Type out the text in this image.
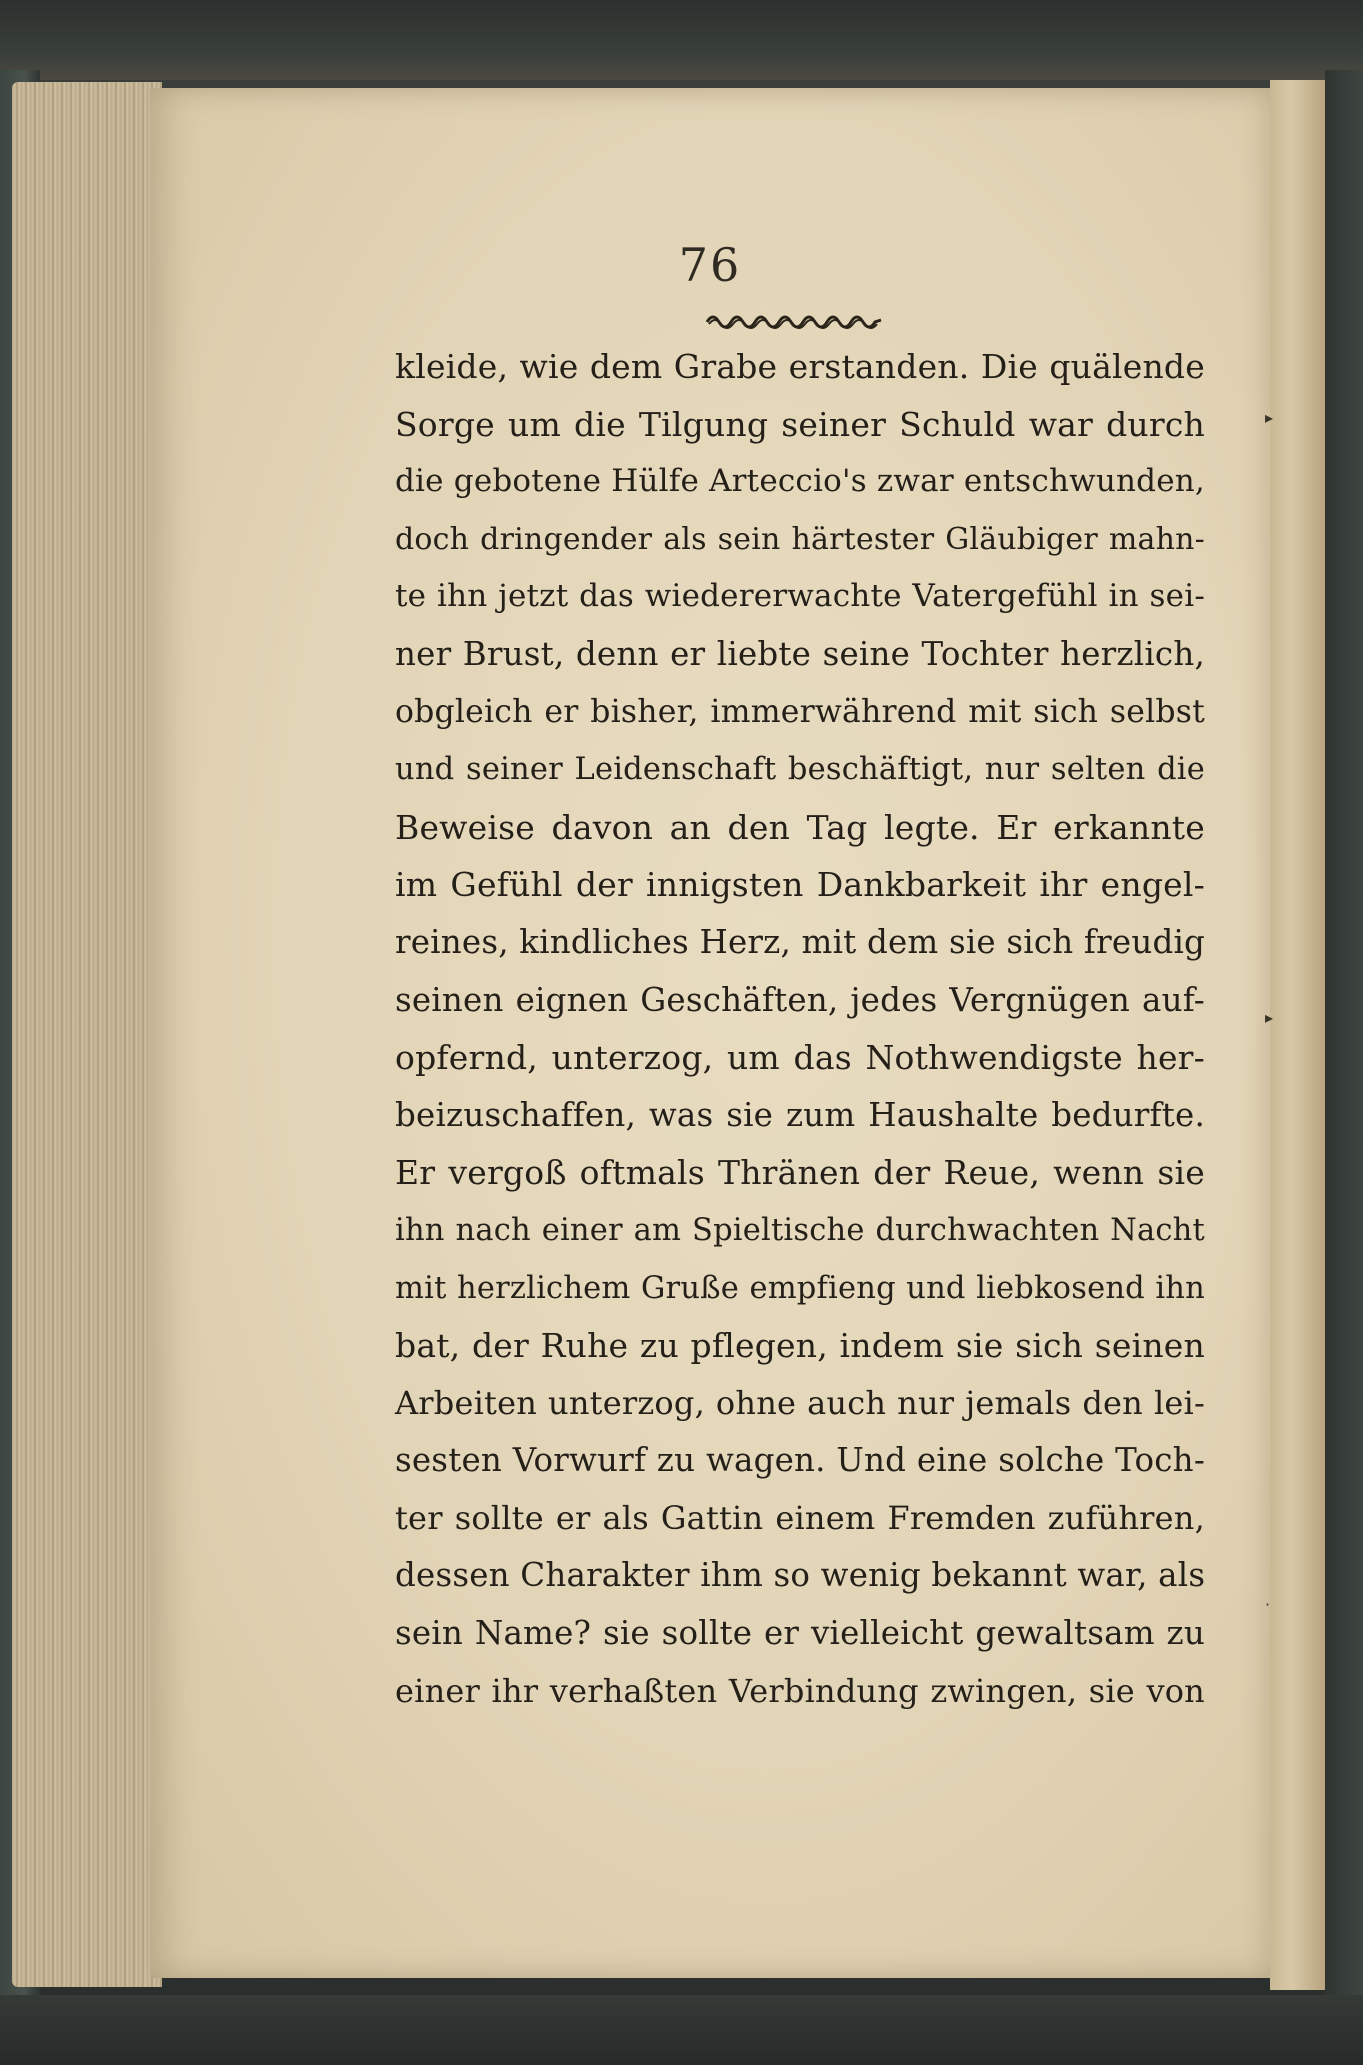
76
kleide, wie dem Grabe erstanden. Die quälende
Sorge um die Tilgung seiner Schuld war durch
die gebotene Hülfe Arteccio's zwar entschwunden,
doch dringender als sein härtester Gläubiger mahn-
te ihn jetzt das wiedererwachte Vatergefühl in sei-
ner Brust, denn er liebte seine Tochter herzlich,
obgleich er bisher, immerwährend mit sich selbst
und seiner Leidenschaft beschäftigt, nur selten die
Beweise davon an den Tag legte. Er erkannte
im Gefühl der innigsten Dankbarkeit ihr engel-
reines, kindliches Herz, mit dem sie sich freudig
seinen eignen Geschäften, jedes Vergnügen auf-
opfernd, unterzog, um das Nothwendigste her-
beizuschaffen, was sie zum Haushalte bedurfte.
Er vergoß oftmals Thränen der Reue, wenn sie
ihn nach einer am Spieltische durchwachten Nacht
mit herzlichem Gruße empfieng und liebkosend ihn
bat, der Ruhe zu pflegen, indem sie sich seinen
Arbeiten unterzog, ohne auch nur jemals den lei-
sesten Vorwurf zu wagen. Und eine solche Toch-
ter sollte er als Gattin einem Fremden zuführen,
dessen Charakter ihm so wenig bekannt war, als
sein Name? sie sollte er vielleicht gewaltsam zu
einer ihr verhaßten Verbindung zwingen, sie von
▸
▸
·
